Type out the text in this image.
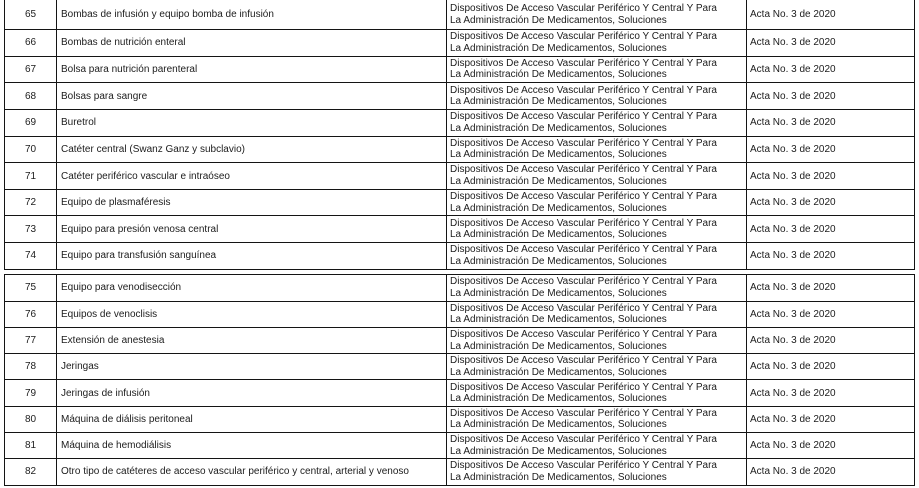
65 Bombas de infusión y equipo bomba de infusión
Dispositivos De Acceso Vascular Periférico Y Central Y Para
La Administración De Medicamentos, Soluciones	Acta No. 3 de 2020
66 Bombas de nutrición enteral
Dispositivos De Acceso Vascular Periférico Y Central Y Para
La Administración De Medicamentos, Soluciones	Acta No. 3 de 2020
67 Bolsa para nutrición parenteral
Dispositivos De Acceso Vascular Periférico Y Central Y Para
La Administración De Medicamentos, Soluciones	Acta No. 3 de 2020
68 Bolsas para sangre
Dispositivos De Acceso Vascular Periférico Y Central Y Para
La Administración De Medicamentos, Soluciones	Acta No. 3 de 2020
69 Buretrol
Dispositivos De Acceso Vascular Periférico Y Central Y Para
La Administración De Medicamentos, Soluciones	Acta No. 3 de 2020
70 Catéter central (Swanz Ganz y subclavio)
Dispositivos De Acceso Vascular Periférico Y Central Y Para
La Administración De Medicamentos, Soluciones	Acta No. 3 de 2020
71 Catéter periférico vascular e intraóseo
Dispositivos De Acceso Vascular Periférico Y Central Y Para
La Administración De Medicamentos, Soluciones	Acta No. 3 de 2020
72 Equipo de plasmaféresis
Dispositivos De Acceso Vascular Periférico Y Central Y Para
La Administración De Medicamentos, Soluciones	Acta No. 3 de 2020
73 Equipo para presión venosa central
Dispositivos De Acceso Vascular Periférico Y Central Y Para
La Administración De Medicamentos, Soluciones	Acta No. 3 de 2020
74 Equipo para transfusión sanguínea
Dispositivos De Acceso Vascular Periférico Y Central Y Para
La Administración De Medicamentos, Soluciones	Acta No. 3 de 2020
75 Equipo para venodisección
Dispositivos De Acceso Vascular Periférico Y Central Y Para
La Administración De Medicamentos, Soluciones	Acta No. 3 de 2020
76 Equipos de venoclisis
Dispositivos De Acceso Vascular Periférico Y Central Y Para
La Administración De Medicamentos, Soluciones	Acta No. 3 de 2020
77 Extensión de anestesia
Dispositivos De Acceso Vascular Periférico Y Central Y Para
La Administración De Medicamentos, Soluciones	Acta No. 3 de 2020
78 Jeringas
Dispositivos De Acceso Vascular Periférico Y Central Y Para
La Administración De Medicamentos, Soluciones	Acta No. 3 de 2020
79 Jeringas de infusión
Dispositivos De Acceso Vascular Periférico Y Central Y Para
La Administración De Medicamentos, Soluciones	Acta No. 3 de 2020
80 Máquina de diálisis peritoneal
Dispositivos De Acceso Vascular Periférico Y Central Y Para
La Administración De Medicamentos, Soluciones	Acta No. 3 de 2020
81 Máquina de hemodiálisis
Dispositivos De Acceso Vascular Periférico Y Central Y Para
La Administración De Medicamentos, Soluciones	Acta No. 3 de 2020
82 Otro tipo de catéteres de acceso vascular periférico y central, arterial y venoso
Dispositivos De Acceso Vascular Periférico Y Central Y Para
La Administración De Medicamentos, Soluciones	Acta No. 3 de 2020
